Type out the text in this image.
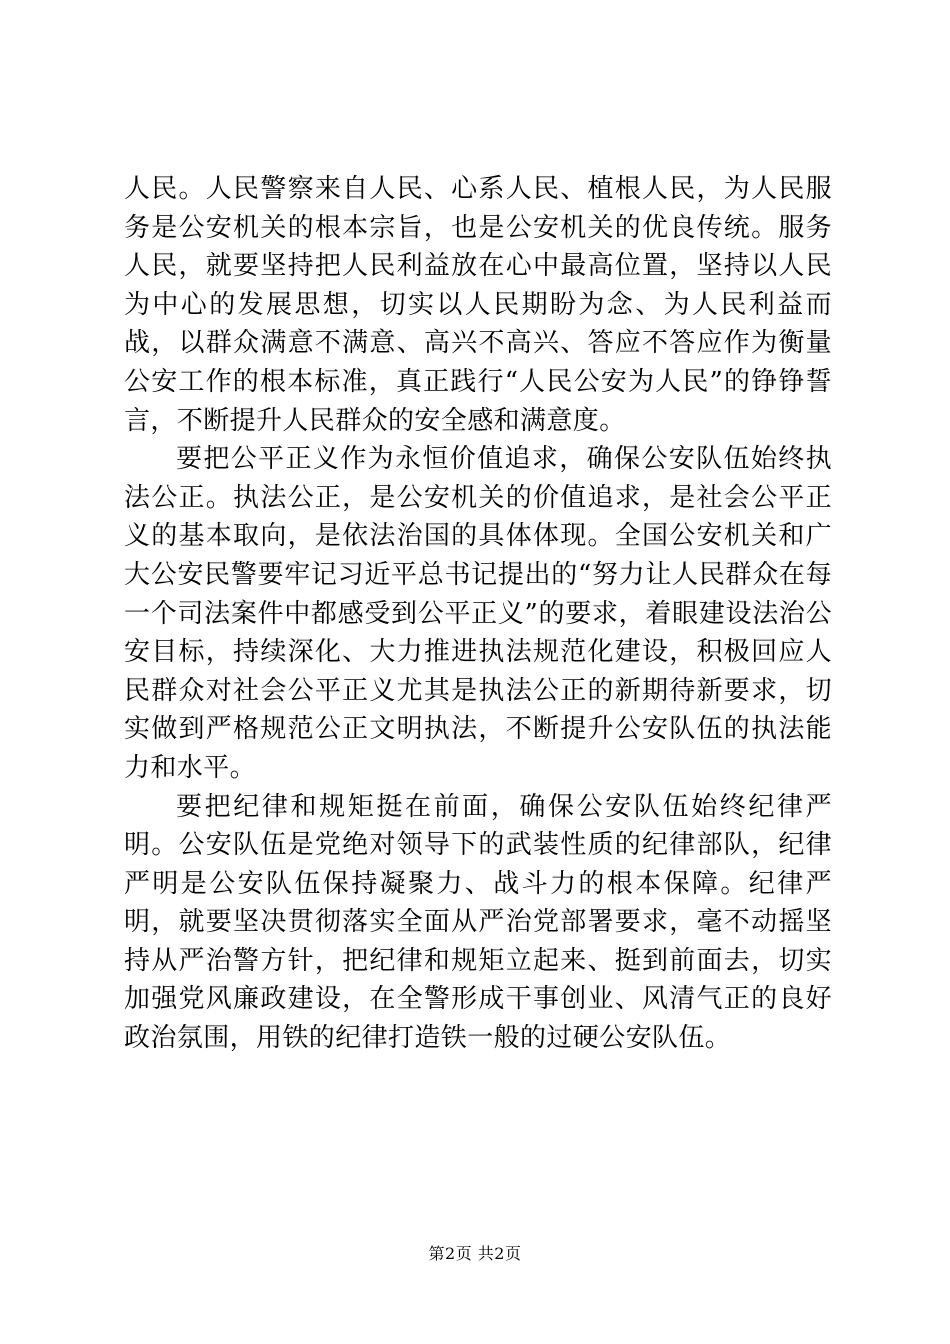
人民。人民警察来自人民、心系人民、植根人民，为人民服务是公安机关的根本宗旨，也是公安机关的优良传统。服务人民，就要坚持把人民利益放在心中最高位置，坚持以人民为中心的发展思想，切实以人民期盼为念、为人民利益而战，以群众满意不满意、高兴不高兴、答应不答应作为衡量公安工作的根本标准，真正践行“人民公安为人民”的铮铮誓言，不断提升人民群众的安全感和满意度。

要把公平正义作为永恒价值追求，确保公安队伍始终执法公正。执法公正，是公安机关的价值追求，是社会公平正义的基本取向，是依法治国的具体体现。全国公安机关和广大公安民警要牢记习近平总书记提出的“努力让人民群众在每一个司法案件中都感受到公平正义”的要求，着眼建设法治公安目标，持续深化、大力推进执法规范化建设，积极回应人民群众对社会公平正义尤其是执法公正的新期待新要求，切实做到严格规范公正文明执法，不断提升公安队伍的执法能力和水平。

要把纪律和规矩挺在前面，确保公安队伍始终纪律严明。公安队伍是党绝对领导下的武装性质的纪律部队，纪律严明是公安队伍保持凝聚力、战斗力的根本保障。纪律严明，就要坚决贯彻落实全面从严治党部署要求，毫不动摇坚持从严治警方针，把纪律和规矩立起来、挺到前面去，切实加强党风廉政建设，在全警形成干事创业、风清气正的良好政治氛围，用铁的纪律打造铁一般的过硬公安队伍。

第2页 共2页
